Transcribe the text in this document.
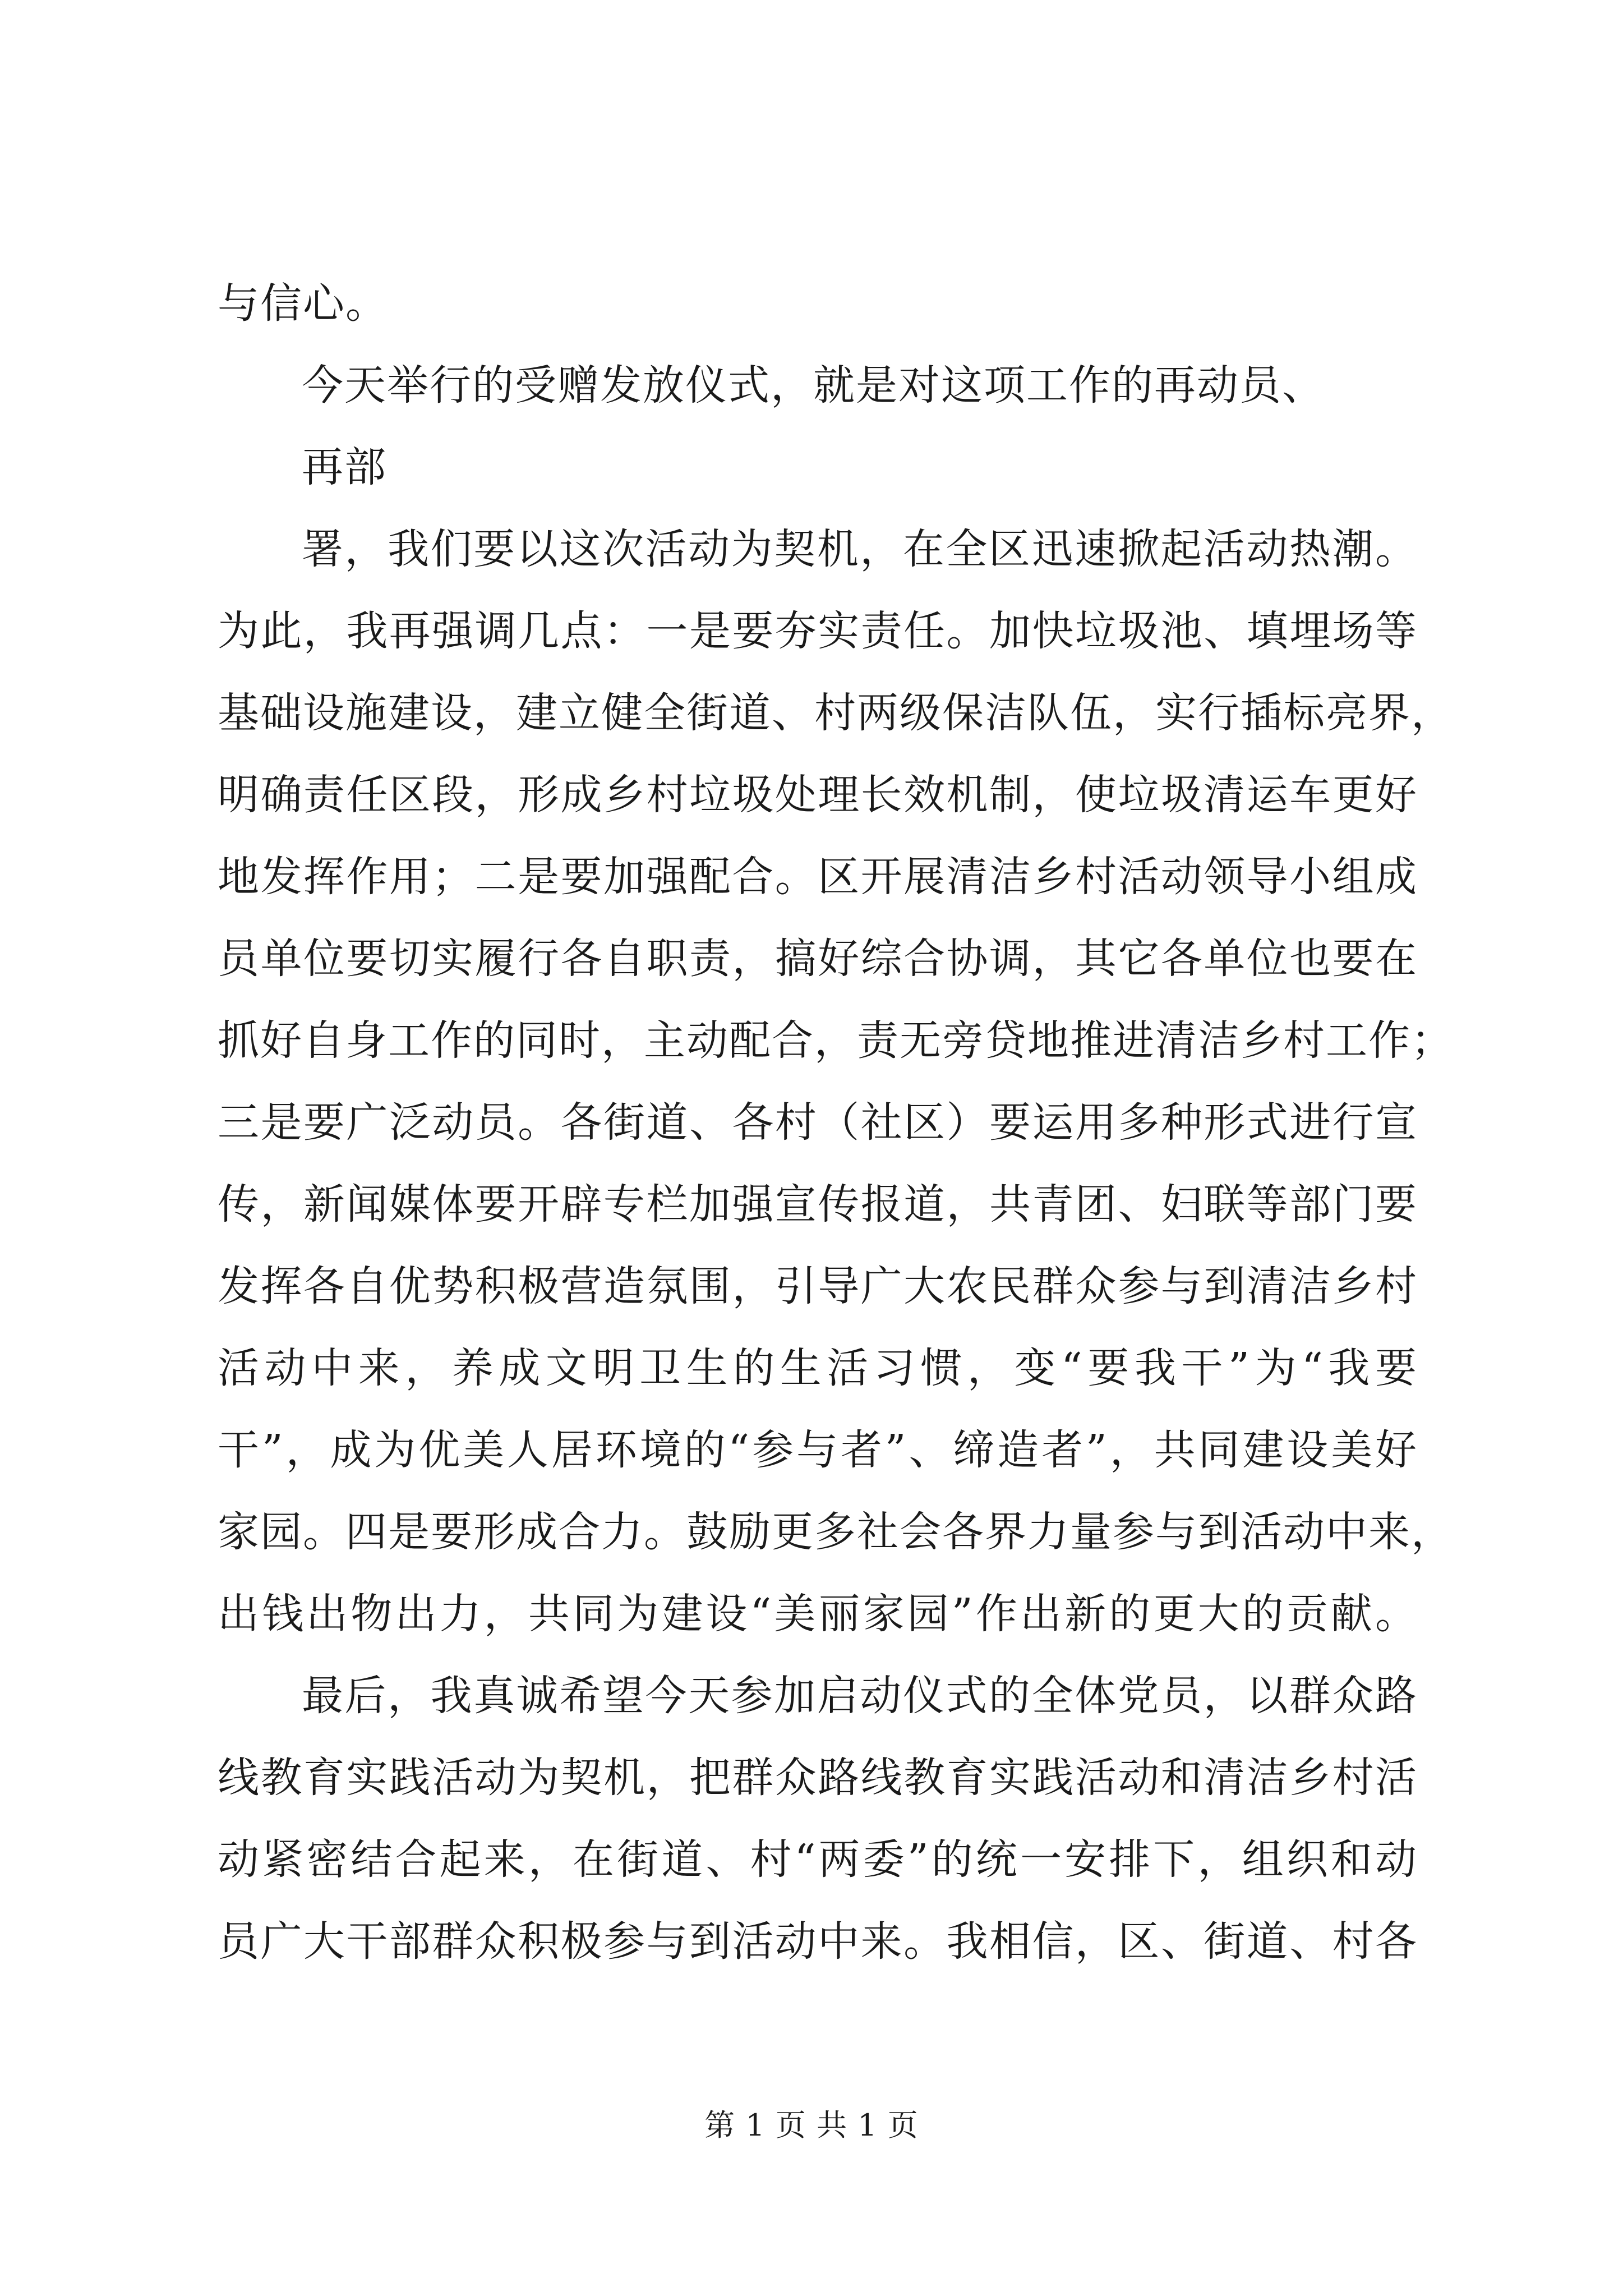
与信心。
今天举行的受赠发放仪式，就是对这项工作的再动员、
再部
署，我们要以这次活动为契机，在全区迅速掀起活动热潮。
为此，我再强调几点：一是要夯实责任。加快垃圾池、填埋场等
基础设施建设，建立健全街道、村两级保洁队伍，实行插标亮界，
明确责任区段，形成乡村垃圾处理长效机制，使垃圾清运车更好
地发挥作用；二是要加强配合。区开展清洁乡村活动领导小组成
员单位要切实履行各自职责，搞好综合协调，其它各单位也要在
抓好自身工作的同时，主动配合，责无旁贷地推进清洁乡村工作；
三是要广泛动员。各街道、各村（社区）要运用多种形式进行宣
传，新闻媒体要开辟专栏加强宣传报道，共青团、妇联等部门要
发挥各自优势积极营造氛围，引导广大农民群众参与到清洁乡村
活动中来，养成文明卫生的生活习惯，变“要我干”为“我要
干”，成为优美人居环境的“参与者”、缔造者”，共同建设美好
家园。四是要形成合力。鼓励更多社会各界力量参与到活动中来，
出钱出物出力，共同为建设“美丽家园”作出新的更大的贡献。
最后，我真诚希望今天参加启动仪式的全体党员，以群众路
线教育实践活动为契机，把群众路线教育实践活动和清洁乡村活
动紧密结合起来，在街道、村“两委”的统一安排下，组织和动
员广大干部群众积极参与到活动中来。我相信，区、街道、村各
第 1 页 共 1 页
